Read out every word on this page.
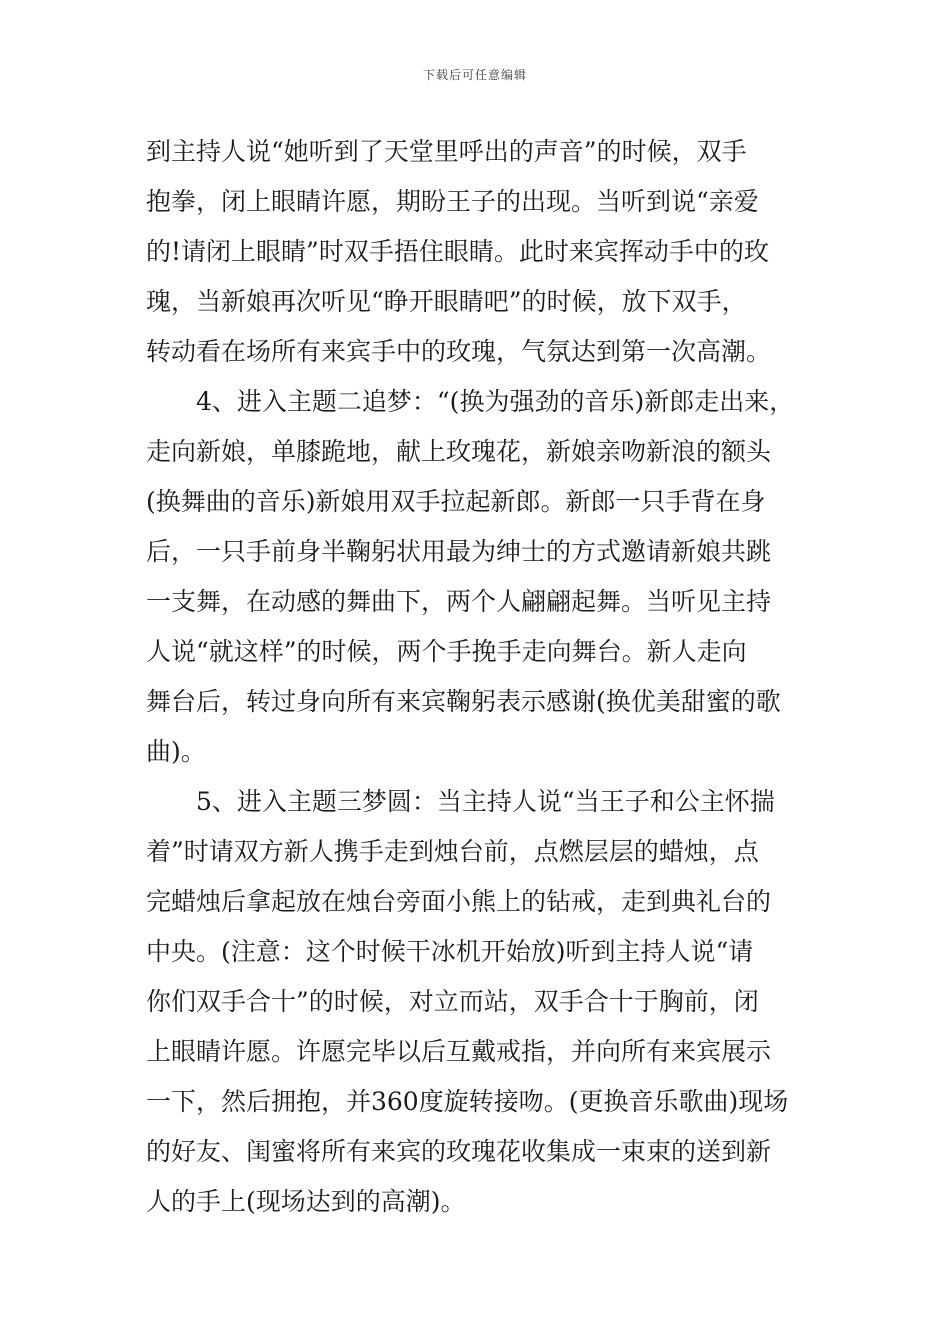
下载后可任意编辑
到主持人说“她听到了天堂里呼出的声音”的时候，双手
抱拳，闭上眼睛许愿，期盼王子的出现。当听到说“亲爱
的!请闭上眼睛”时双手捂住眼睛。此时来宾挥动手中的玫
瑰，当新娘再次听见“睁开眼睛吧”的时候，放下双手，
转动看在场所有来宾手中的玫瑰，气氛达到第一次高潮。
4、进入主题二追梦：“(换为强劲的音乐)新郎走出来，
走向新娘，单膝跪地，献上玫瑰花，新娘亲吻新浪的额头
(换舞曲的音乐)新娘用双手拉起新郎。新郎一只手背在身
后，一只手前身半鞠躬状用最为绅士的方式邀请新娘共跳
一支舞，在动感的舞曲下，两个人翩翩起舞。当听见主持
人说“就这样”的时候，两个手挽手走向舞台。新人走向
舞台后，转过身向所有来宾鞠躬表示感谢(换优美甜蜜的歌
曲)。
5、进入主题三梦圆：当主持人说“当王子和公主怀揣
着”时请双方新人携手走到烛台前，点燃层层的蜡烛，点
完蜡烛后拿起放在烛台旁面小熊上的钻戒，走到典礼台的
中央。(注意：这个时候干冰机开始放)听到主持人说“请
你们双手合十”的时候，对立而站，双手合十于胸前，闭
上眼睛许愿。许愿完毕以后互戴戒指，并向所有来宾展示
一下，然后拥抱，并360度旋转接吻。(更换音乐歌曲)现场
的好友、闺蜜将所有来宾的玫瑰花收集成一束束的送到新
人的手上(现场达到的高潮)。
